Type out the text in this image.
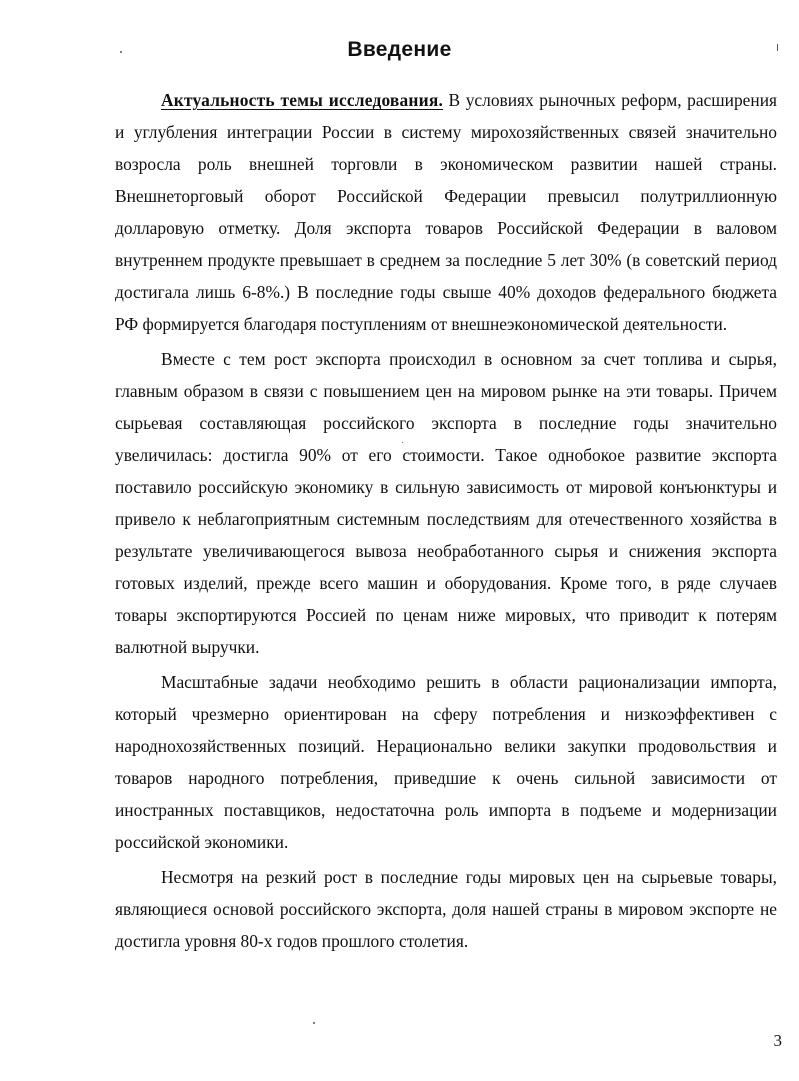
Введение

Актуальность темы исследования. В условиях рыночных реформ, расширения и углубления интеграции России в систему мирохозяйственных связей значительно возросла роль внешней торговли в экономическом развитии нашей страны. Внешнеторговый оборот Российской Федерации превысил полутриллионную долларовую отметку. Доля экспорта товаров Российской Федерации в валовом внутреннем продукте превышает в среднем за последние 5 лет 30% (в советский период достигала лишь 6-8%.) В последние годы свыше 40% доходов федерального бюджета РФ формируется благодаря поступлениям от внешнеэкономической деятельности.

Вместе с тем рост экспорта происходил в основном за счет топлива и сырья, главным образом в связи с повышением цен на мировом рынке на эти товары. Причем сырьевая составляющая российского экспорта в последние годы значительно увеличилась: достигла 90% от его стоимости. Такое однобокое развитие экспорта поставило российскую экономику в сильную зависимость от мировой конъюнктуры и привело к неблагоприятным системным последствиям для отечественного хозяйства в результате увеличивающегося вывоза необработанного сырья и снижения экспорта готовых изделий, прежде всего машин и оборудования. Кроме того, в ряде случаев товары экспортируются Россией по ценам ниже мировых, что приводит к потерям валютной выручки.

Масштабные задачи необходимо решить в области рационализации импорта, который чрезмерно ориентирован на сферу потребления и низкоэффективен с народнохозяйственных позиций. Нерационально велики закупки продовольствия и товаров народного потребления, приведшие к очень сильной зависимости от иностранных поставщиков, недостаточна роль импорта в подъеме и модернизации российской экономики.

Несмотря на резкий рост в последние годы мировых цен на сырьевые товары, являющиеся основой российского экспорта, доля нашей страны в мировом экспорте не достигла уровня 80-х годов прошлого столетия.

3
